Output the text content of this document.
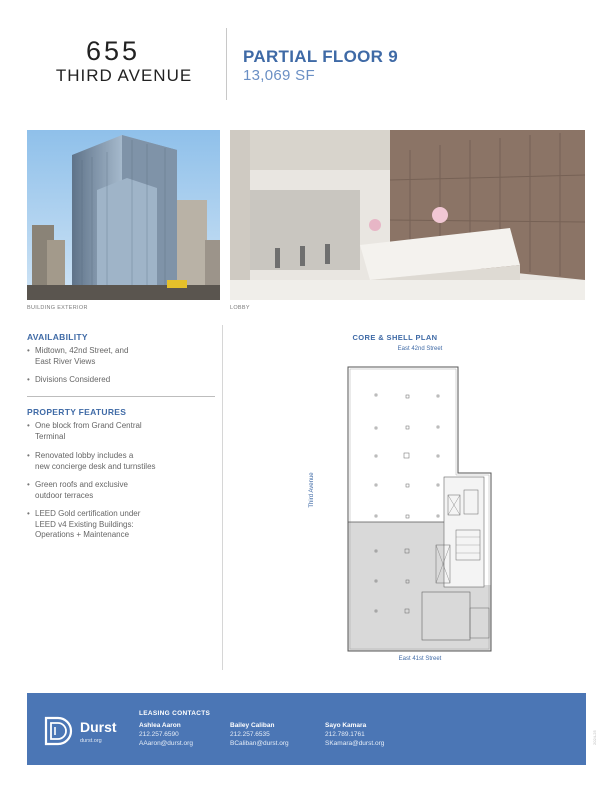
655
THIRD AVENUE
PARTIAL FLOOR 9
13,069 SF
BUILDING EXTERIOR	LOBBY
AVAILABILITY
• Midtown, 42nd Street, and
East River Views
• Divisions Considered
PROPERTY FEATURES
• One block from Grand Central
Terminal
• Renovated lobby includes a
new concierge desk and turnstiles
• Green roofs and exclusive
outdoor terraces
• LEED Gold certification under
LEED v4 Existing Buildings:
Operations + Maintenance
CORE & SHELL PLAN
East 42nd Street
Third Avenue
East 41st Street
Durst
durst.org
LEASING CONTACTS
Ashlea Aaron
212.257.6590
AAaron@durst.org
Bailey Caliban
212.257.6535
BCaliban@durst.org
Sayo Kamara
212.789.1761
SKamara@durst.org	2024-25
